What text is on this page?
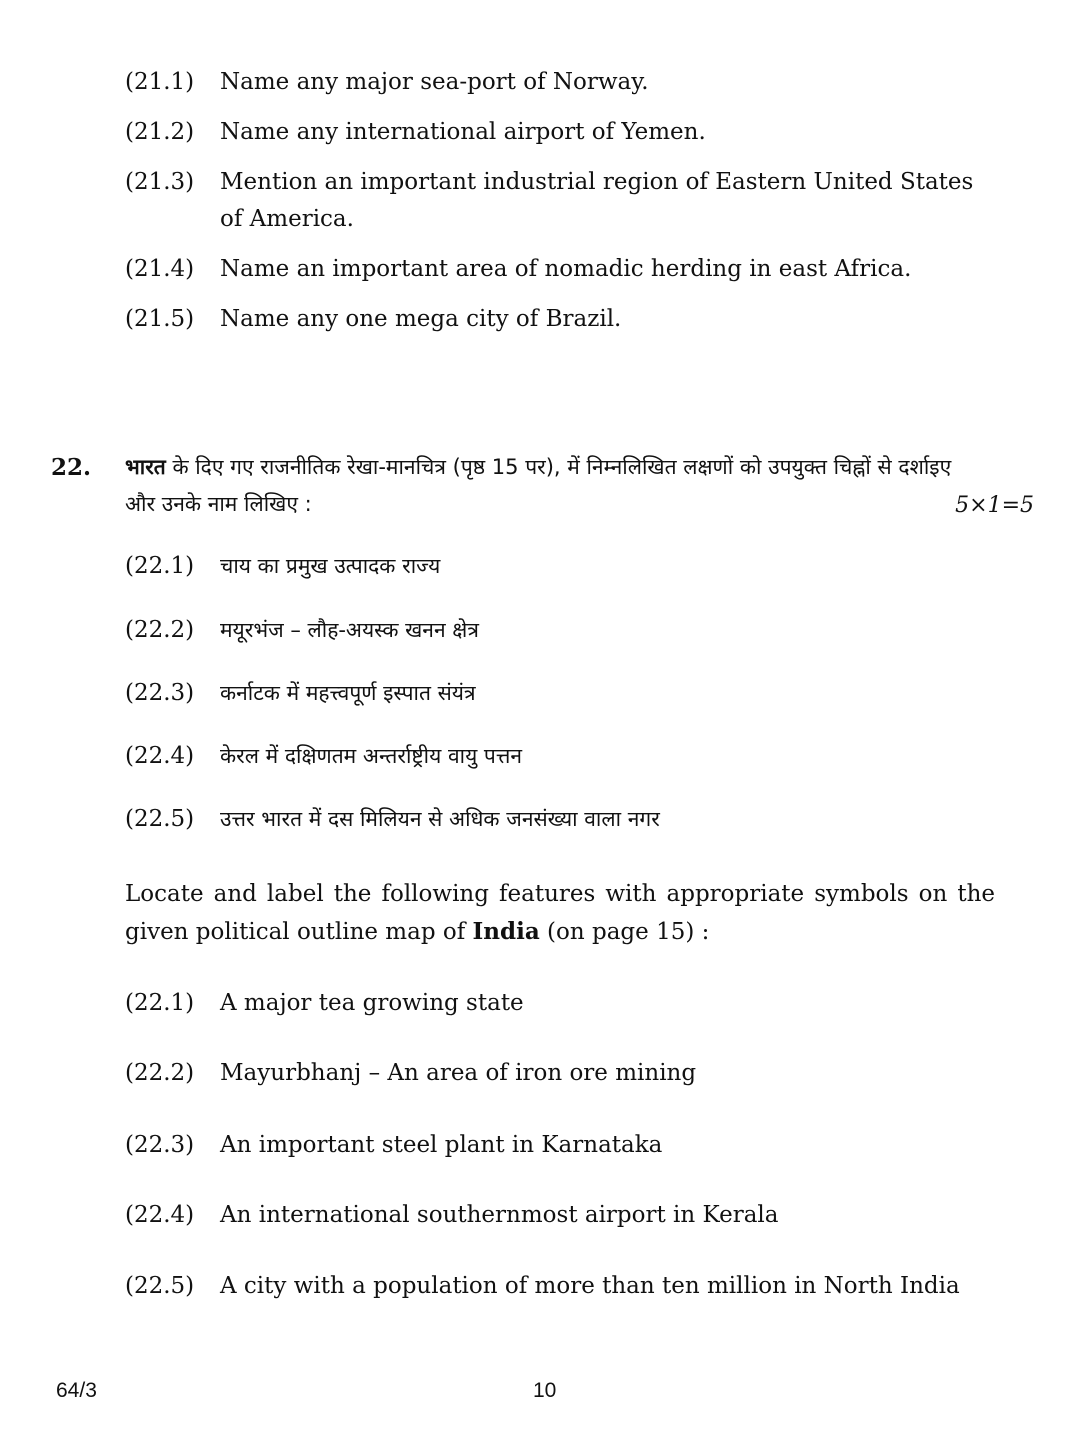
(21.1) Name any major sea-port of Norway.
(21.2) Name any international airport of Yemen.
(21.3) Mention an important industrial region of Eastern United States of America.
(21.4) Name an important area of nomadic herding in east Africa.
(21.5) Name any one mega city of Brazil.
22. भारत के दिए गए राजनीतिक रेखा-मानचित्र (पृष्ठ 15 पर), में निम्नलिखित लक्षणों को उपयुक्त चिह्नों से दर्शाइए और उनके नाम लिखिए :	5×1=5
(22.1) चाय का प्रमुख उत्पादक राज्य
(22.2) मयूरभंज – लौह-अयस्क खनन क्षेत्र
(22.3) कर्नाटक में महत्त्वपूर्ण इस्पात संयंत्र
(22.4) केरल में दक्षिणतम अन्तर्राष्ट्रीय वायु पत्तन
(22.5) उत्तर भारत में दस मिलियन से अधिक जनसंख्या वाला नगर
Locate and label the following features with appropriate symbols on the given political outline map of India (on page 15) :
(22.1) A major tea growing state
(22.2) Mayurbhanj – An area of iron ore mining
(22.3) An important steel plant in Karnataka
(22.4) An international southernmost airport in Kerala
(22.5) A city with a population of more than ten million in North India
64/3	10
